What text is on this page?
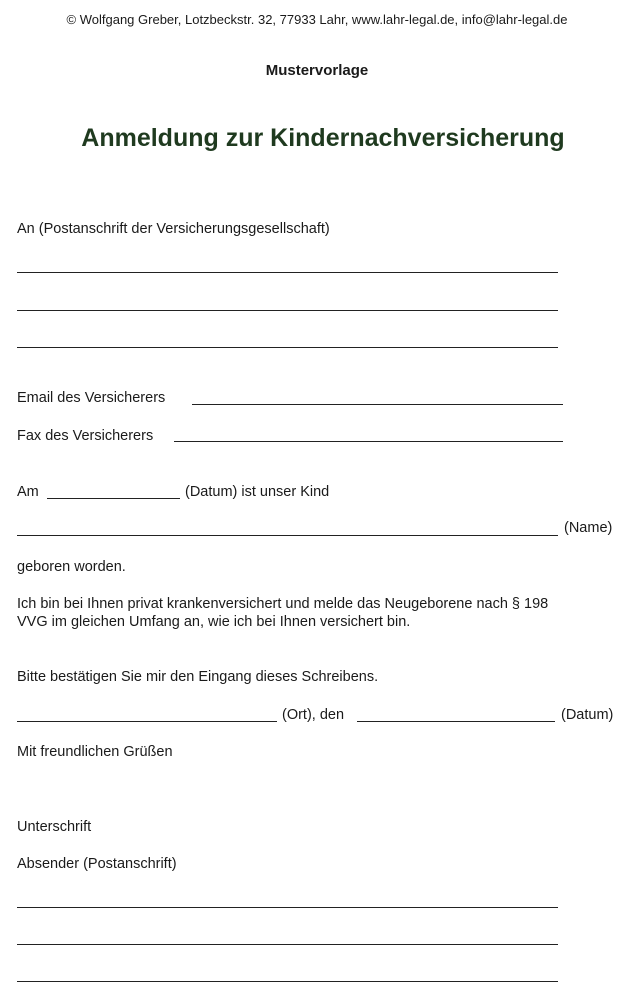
© Wolfgang Greber, Lotzbeckstr. 32, 77933 Lahr, www.lahr-legal.de, info@lahr-legal.de
Mustervorlage
Anmeldung zur Kindernachversicherung
An (Postanschrift der Versicherungsgesellschaft)
Email des Versicherers
Fax des Versicherers
Am	(Datum) ist unser Kind
(Name)
geboren worden.
Ich bin bei Ihnen privat krankenversichert und melde das Neugeborene nach § 198
VVG im gleichen Umfang an, wie ich bei Ihnen versichert bin.
Bitte bestätigen Sie mir den Eingang dieses Schreibens.
(Ort), den	(Datum)
Mit freundlichen Grüßen
Unterschrift
Absender (Postanschrift)
